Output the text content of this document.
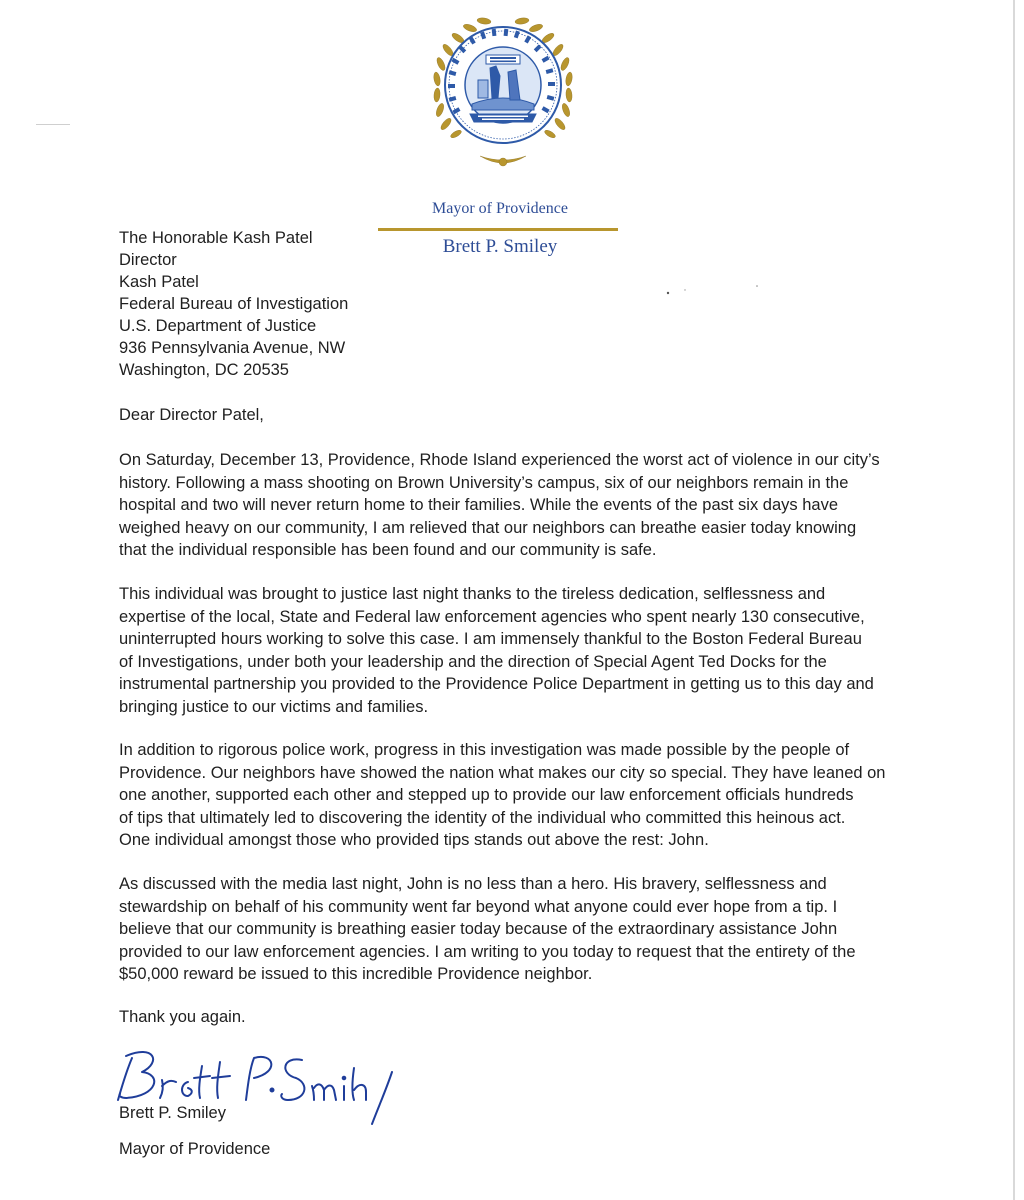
Mayor of Providence

Brett P. Smiley

The Honorable Kash Patel
Director
Kash Patel
Federal Bureau of Investigation
U.S. Department of Justice
936 Pennsylvania Avenue, NW
Washington, DC 20535

Dear Director Patel,

On Saturday, December 13, Providence, Rhode Island experienced the worst act of violence in our city’s
history. Following a mass shooting on Brown University’s campus, six of our neighbors remain in the
hospital and two will never return home to their families. While the events of the past six days have
weighed heavy on our community, I am relieved that our neighbors can breathe easier today knowing
that the individual responsible has been found and our community is safe.

This individual was brought to justice last night thanks to the tireless dedication, selflessness and
expertise of the local, State and Federal law enforcement agencies who spent nearly 130 consecutive,
uninterrupted hours working to solve this case. I am immensely thankful to the Boston Federal Bureau
of Investigations, under both your leadership and the direction of Special Agent Ted Docks for the
instrumental partnership you provided to the Providence Police Department in getting us to this day and
bringing justice to our victims and families.

In addition to rigorous police work, progress in this investigation was made possible by the people of
Providence. Our neighbors have showed the nation what makes our city so special. They have leaned on
one another, supported each other and stepped up to provide our law enforcement officials hundreds
of tips that ultimately led to discovering the identity of the individual who committed this heinous act.
One individual amongst those who provided tips stands out above the rest: John.

As discussed with the media last night, John is no less than a hero. His bravery, selflessness and
stewardship on behalf of his community went far beyond what anyone could ever hope from a tip. I
believe that our community is breathing easier today because of the extraordinary assistance John
provided to our law enforcement agencies. I am writing to you today to request that the entirety of the
$50,000 reward be issued to this incredible Providence neighbor.

Thank you again.

Brett P. Smiley

Mayor of Providence
